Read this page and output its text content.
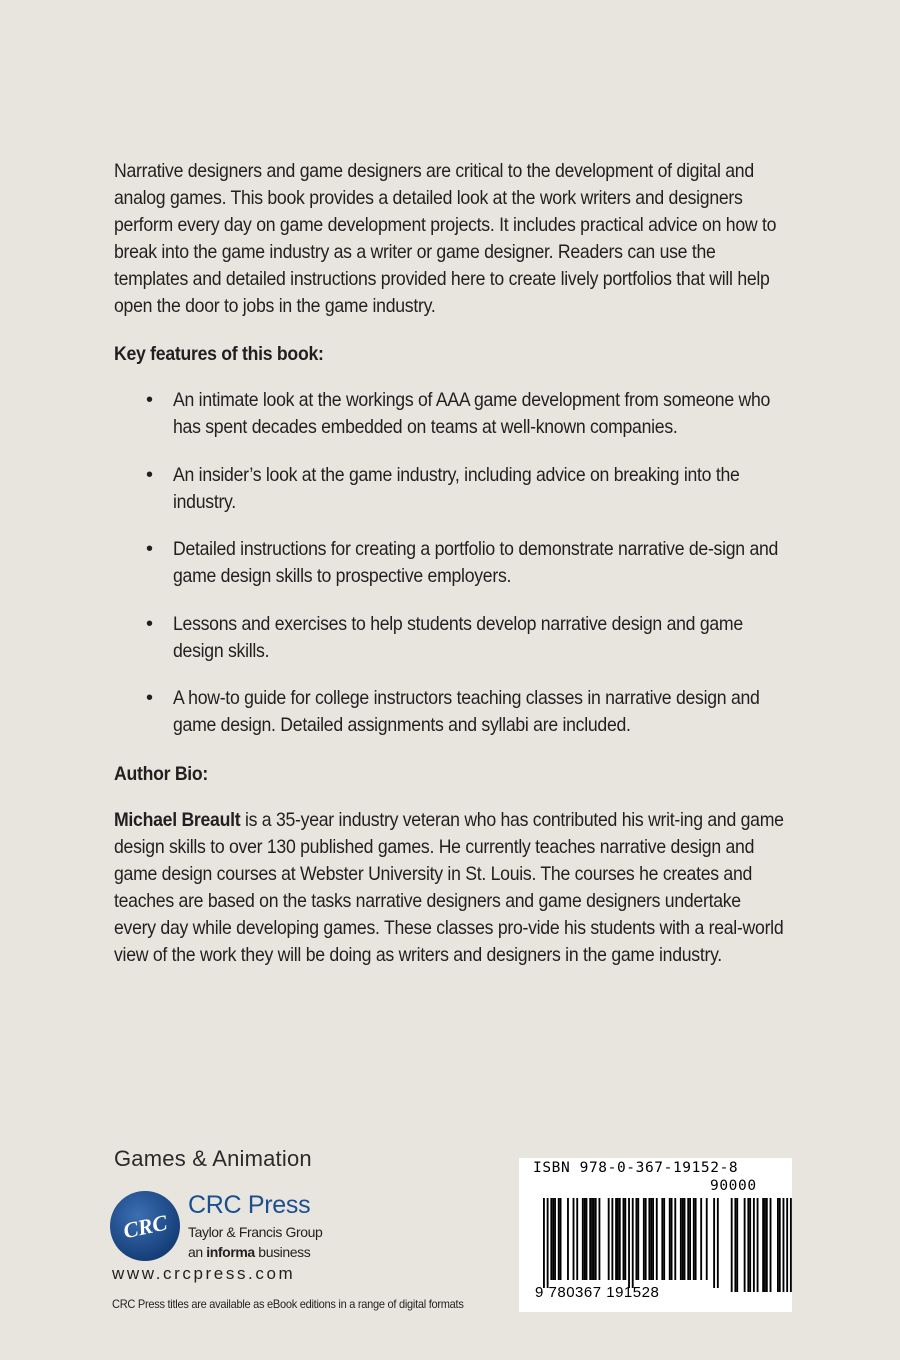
Narrative designers and game designers are critical to the development of digital and analog games. This book provides a detailed look at the work writers and designers perform every day on game development projects. It includes practical advice on how to break into the game industry as a writer or game designer. Readers can use the templates and detailed instructions provided here to create lively portfolios that will help open the door to jobs in the game industry.

Key features of this book:

• An intimate look at the workings of AAA game development from someone who has spent decades embedded on teams at well-known companies.
• An insider’s look at the game industry, including advice on breaking into the industry.
• Detailed instructions for creating a portfolio to demonstrate narrative de-sign and game design skills to prospective employers.
• Lessons and exercises to help students develop narrative design and game design skills.
• A how-to guide for college instructors teaching classes in narrative design and game design. Detailed assignments and syllabi are included.

Author Bio:

Michael Breault is a 35-year industry veteran who has contributed his writ-ing and game design skills to over 130 published games. He currently teaches narrative design and game design courses at Webster University in St. Louis. The courses he creates and teaches are based on the tasks narrative designers and game designers undertake every day while developing games. These classes pro-vide his students with a real-world view of the work they will be doing as writers and designers in the game industry.

Games & Animation
CRC
CRC Press
Taylor & Francis Group
an informa business
www.crcpress.com
CRC Press titles are available as eBook editions in a range of digital formats
ISBN 978-0-367-19152-8
90000
9 780367 191528
